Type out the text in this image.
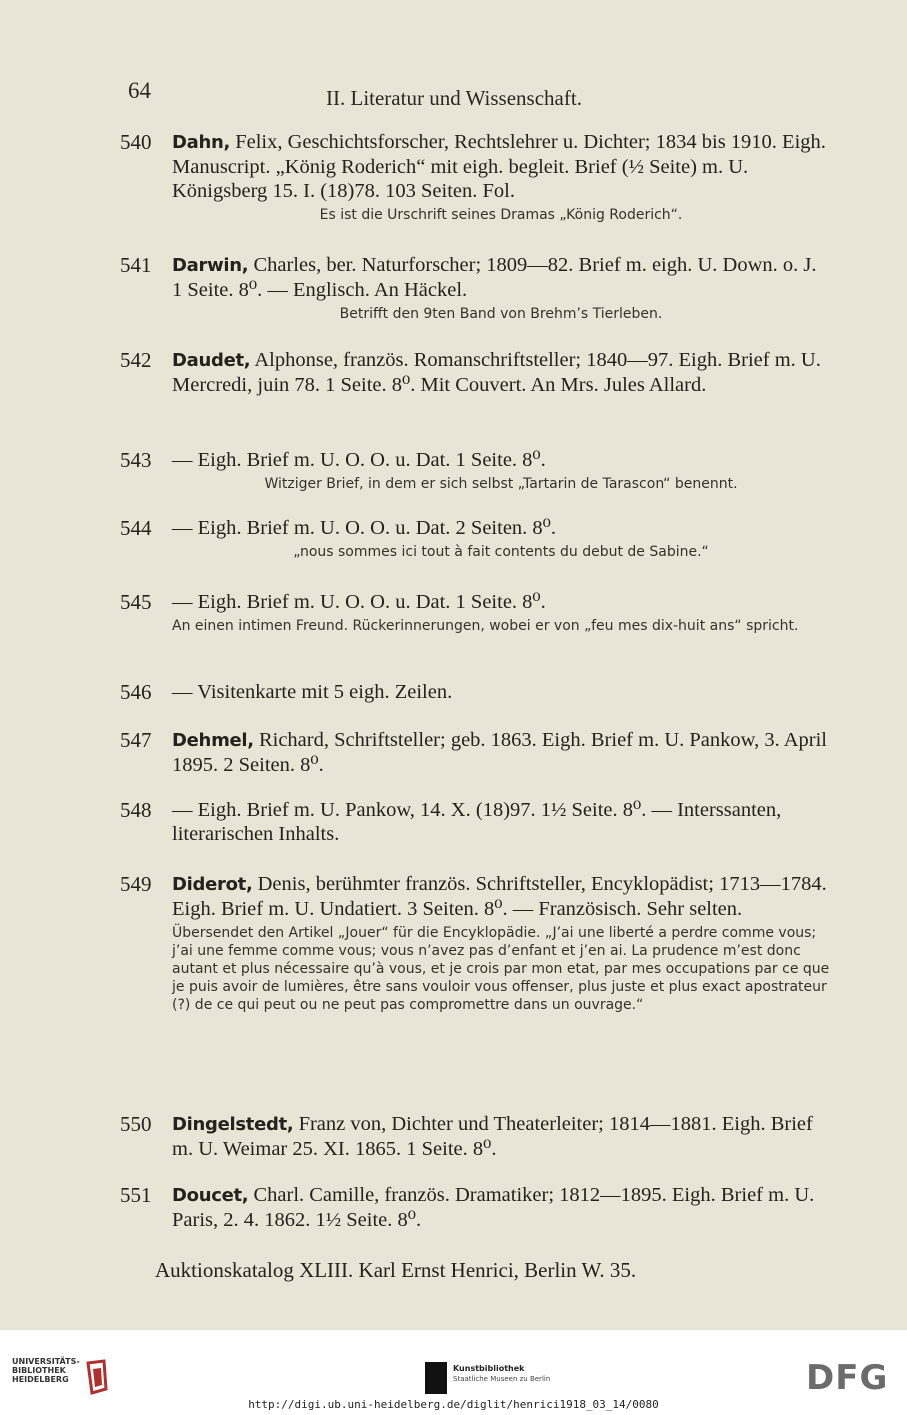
64	II. Literatur und Wissenschaft.
540	Dahn, Felix, Geschichtsforscher, Rechtslehrer u. Dichter; 1834 bis 1910. Eigh. Manuscript. „König Roderich“ mit eigh. begleit. Brief (½ Seite) m. U. Königsberg 15. I. (18)78. 103 Seiten. Fol.
Es ist die Urschrift seines Dramas „König Roderich“.
541	Darwin, Charles, ber. Naturforscher; 1809—82. Brief m. eigh. U. Down. o. J. 1 Seite. 8⁰. — Englisch. An Häckel.
Betrifft den 9ten Band von Brehm’s Tierleben.
542	Daudet, Alphonse, französ. Romanschriftsteller; 1840—97. Eigh. Brief m. U. Mercredi, juin 78. 1 Seite. 8⁰. Mit Couvert. An Mrs. Jules Allard.
543	— Eigh. Brief m. U. O. O. u. Dat. 1 Seite. 8⁰.
Witziger Brief, in dem er sich selbst „Tartarin de Tarascon“ benennt.
544	— Eigh. Brief m. U. O. O. u. Dat. 2 Seiten. 8⁰.
„nous sommes ici tout à fait contents du debut de Sabine.“
545	— Eigh. Brief m. U. O. O. u. Dat. 1 Seite. 8⁰.
An einen intimen Freund. Rückerinnerungen, wobei er von „feu mes dix-huit ans“ spricht.
546	— Visitenkarte mit 5 eigh. Zeilen.
547	Dehmel, Richard, Schriftsteller; geb. 1863. Eigh. Brief m. U. Pankow, 3. April 1895. 2 Seiten. 8⁰.
548	— Eigh. Brief m. U. Pankow, 14. X. (18)97. 1½ Seite. 8⁰. — Interssanten, literarischen Inhalts.
549	Diderot, Denis, berühmter französ. Schriftsteller, Encyklopädist; 1713—1784. Eigh. Brief m. U. Undatiert. 3 Seiten. 8⁰. — Französisch. Sehr selten.
Übersendet den Artikel „Jouer“ für die Encyklopädie. „J’ai une liberté a perdre comme vous; j’ai une femme comme vous; vous n’avez pas d’enfant et j’en ai. La prudence m’est donc autant et plus nécessaire qu’à vous, et je crois par mon etat, par mes occupations par ce que je puis avoir de lumières, être sans vouloir vous offenser, plus juste et plus exact apostrateur (?) de ce qui peut ou ne peut pas compromettre dans un ouvrage.“
550	Dingelstedt, Franz von, Dichter und Theaterleiter; 1814—1881. Eigh. Brief m. U. Weimar 25. XI. 1865. 1 Seite. 8⁰.
551	Doucet, Charl. Camille, französ. Dramatiker; 1812—1895. Eigh. Brief m. U. Paris, 2. 4. 1862. 1½ Seite. 8⁰.
Auktionskatalog XLIII. Karl Ernst Henrici, Berlin W. 35.
UNIVERSITÄTS-
BIBLIOTHEK
HEIDELBERG
Kunstbibliothek
Staatliche Museen zu Berlin	DFG
http://digi.ub.uni-heidelberg.de/diglit/henrici1918_03_14/0080
